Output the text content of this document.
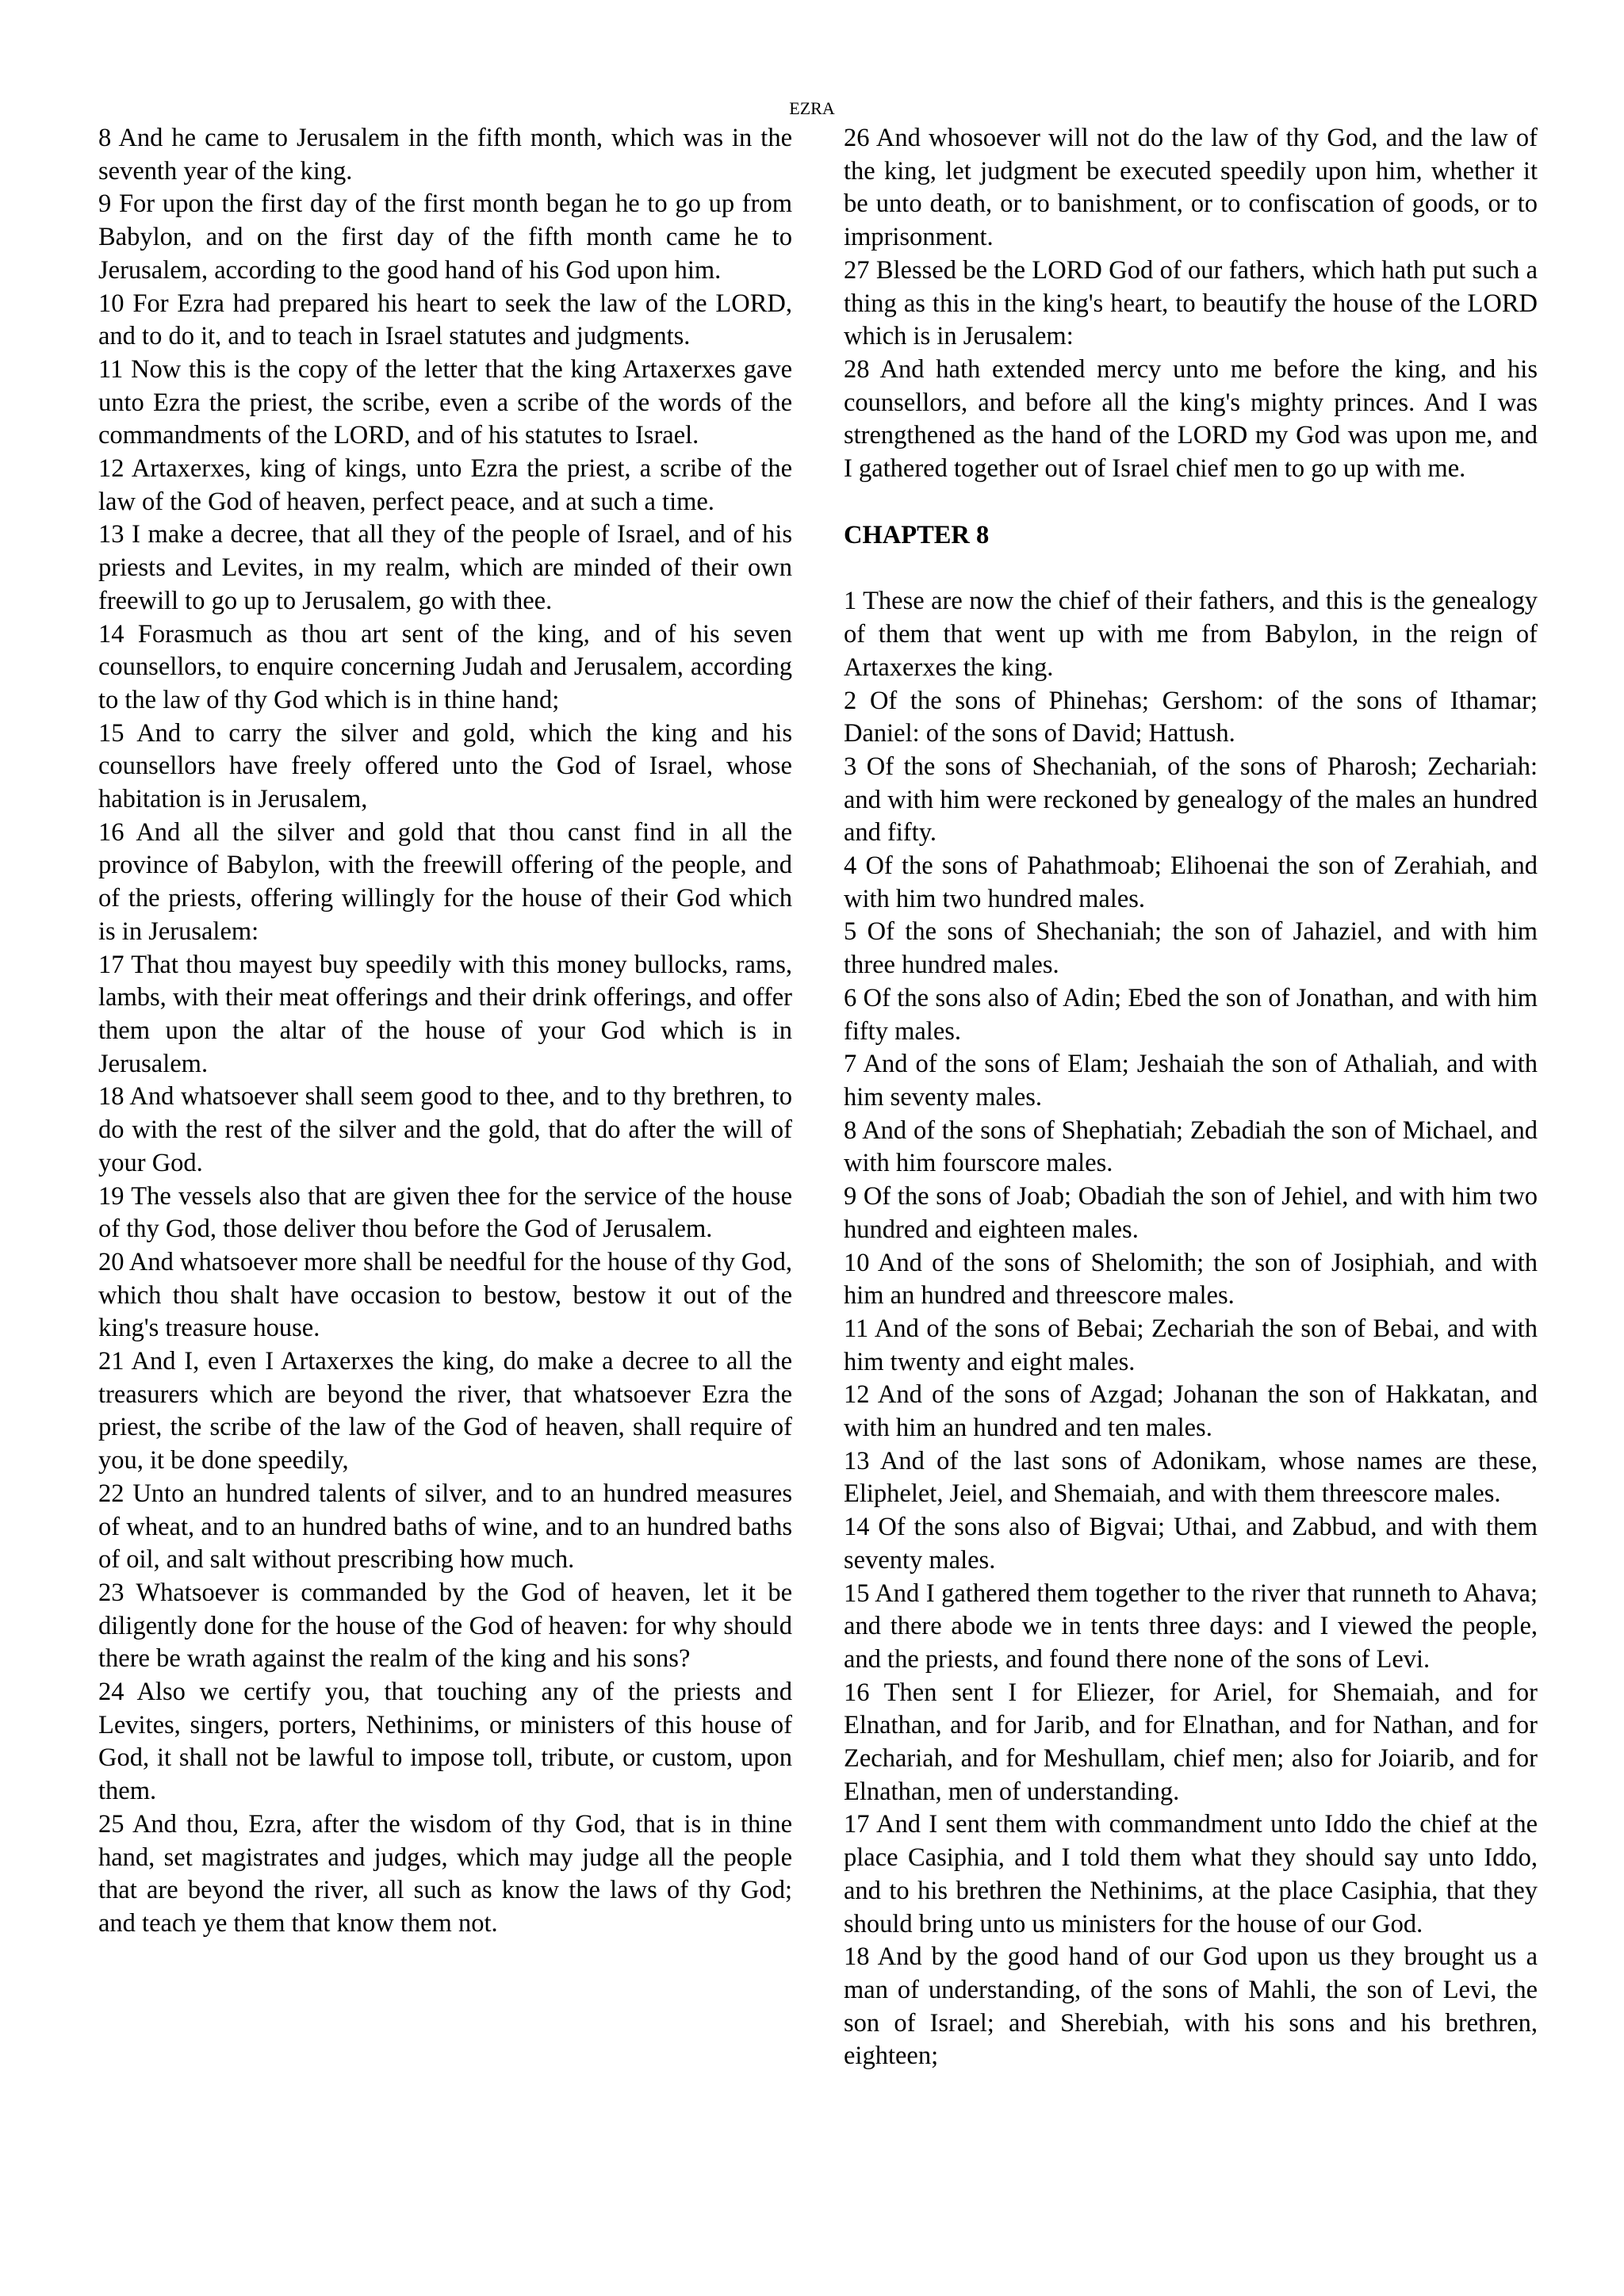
EZRA

8 And he came to Jerusalem in the fifth month, which was in the seventh year of the king.

9 For upon the first day of the first month began he to go up from Babylon, and on the first day of the fifth month came he to Jerusalem, according to the good hand of his God upon him.

10 For Ezra had prepared his heart to seek the law of the LORD, and to do it, and to teach in Israel statutes and judgments.

11 Now this is the copy of the letter that the king Artaxerxes gave unto Ezra the priest, the scribe, even a scribe of the words of the commandments of the LORD, and of his statutes to Israel.

12 Artaxerxes, king of kings, unto Ezra the priest, a scribe of the law of the God of heaven, perfect peace, and at such a time.

13 I make a decree, that all they of the people of Israel, and of his priests and Levites, in my realm, which are minded of their own freewill to go up to Jerusalem, go with thee.

14 Forasmuch as thou art sent of the king, and of his seven counsellors, to enquire concerning Judah and Jerusalem, according to the law of thy God which is in thine hand;

15 And to carry the silver and gold, which the king and his counsellors have freely offered unto the God of Israel, whose habitation is in Jerusalem,

16 And all the silver and gold that thou canst find in all the province of Babylon, with the freewill offering of the people, and of the priests, offering willingly for the house of their God which is in Jerusalem:

17 That thou mayest buy speedily with this money bullocks, rams, lambs, with their meat offerings and their drink offerings, and offer them upon the altar of the house of your God which is in Jerusalem.

18 And whatsoever shall seem good to thee, and to thy brethren, to do with the rest of the silver and the gold, that do after the will of your God.

19 The vessels also that are given thee for the service of the house of thy God, those deliver thou before the God of Jerusalem.

20 And whatsoever more shall be needful for the house of thy God, which thou shalt have occasion to bestow, bestow it out of the king's treasure house.

21 And I, even I Artaxerxes the king, do make a decree to all the treasurers which are beyond the river, that whatsoever Ezra the priest, the scribe of the law of the God of heaven, shall require of you, it be done speedily,

22 Unto an hundred talents of silver, and to an hundred measures of wheat, and to an hundred baths of wine, and to an hundred baths of oil, and salt without prescribing how much.

23 Whatsoever is commanded by the God of heaven, let it be diligently done for the house of the God of heaven: for why should there be wrath against the realm of the king and his sons?

24 Also we certify you, that touching any of the priests and Levites, singers, porters, Nethinims, or ministers of this house of God, it shall not be lawful to impose toll, tribute, or custom, upon them.

25 And thou, Ezra, after the wisdom of thy God, that is in thine hand, set magistrates and judges, which may judge all the people that are beyond the river, all such as know the laws of thy God; and teach ye them that know them not.

26 And whosoever will not do the law of thy God, and the law of the king, let judgment be executed speedily upon him, whether it be unto death, or to banishment, or to confiscation of goods, or to imprisonment.

27 Blessed be the LORD God of our fathers, which hath put such a thing as this in the king's heart, to beautify the house of the LORD which is in Jerusalem:

28 And hath extended mercy unto me before the king, and his counsellors, and before all the king's mighty princes. And I was strengthened as the hand of the LORD my God was upon me, and I gathered together out of Israel chief men to go up with me.

CHAPTER 8

1 These are now the chief of their fathers, and this is the genealogy of them that went up with me from Babylon, in the reign of Artaxerxes the king.

2 Of the sons of Phinehas; Gershom: of the sons of Ithamar; Daniel: of the sons of David; Hattush.

3 Of the sons of Shechaniah, of the sons of Pharosh; Zechariah: and with him were reckoned by genealogy of the males an hundred and fifty.

4 Of the sons of Pahathmoab; Elihoenai the son of Zerahiah, and with him two hundred males.

5 Of the sons of Shechaniah; the son of Jahaziel, and with him three hundred males.

6 Of the sons also of Adin; Ebed the son of Jonathan, and with him fifty males.

7 And of the sons of Elam; Jeshaiah the son of Athaliah, and with him seventy males.

8 And of the sons of Shephatiah; Zebadiah the son of Michael, and with him fourscore males.

9 Of the sons of Joab; Obadiah the son of Jehiel, and with him two hundred and eighteen males.

10 And of the sons of Shelomith; the son of Josiphiah, and with him an hundred and threescore males.

11 And of the sons of Bebai; Zechariah the son of Bebai, and with him twenty and eight males.

12 And of the sons of Azgad; Johanan the son of Hakkatan, and with him an hundred and ten males.

13 And of the last sons of Adonikam, whose names are these, Eliphelet, Jeiel, and Shemaiah, and with them threescore males.

14 Of the sons also of Bigvai; Uthai, and Zabbud, and with them seventy males.

15 And I gathered them together to the river that runneth to Ahava; and there abode we in tents three days: and I viewed the people, and the priests, and found there none of the sons of Levi.

16 Then sent I for Eliezer, for Ariel, for Shemaiah, and for Elnathan, and for Jarib, and for Elnathan, and for Nathan, and for Zechariah, and for Meshullam, chief men; also for Joiarib, and for Elnathan, men of understanding.

17 And I sent them with commandment unto Iddo the chief at the place Casiphia, and I told them what they should say unto Iddo, and to his brethren the Nethinims, at the place Casiphia, that they should bring unto us ministers for the house of our God.

18 And by the good hand of our God upon us they brought us a man of understanding, of the sons of Mahli, the son of Levi, the son of Israel; and Sherebiah, with his sons and his brethren, eighteen;
